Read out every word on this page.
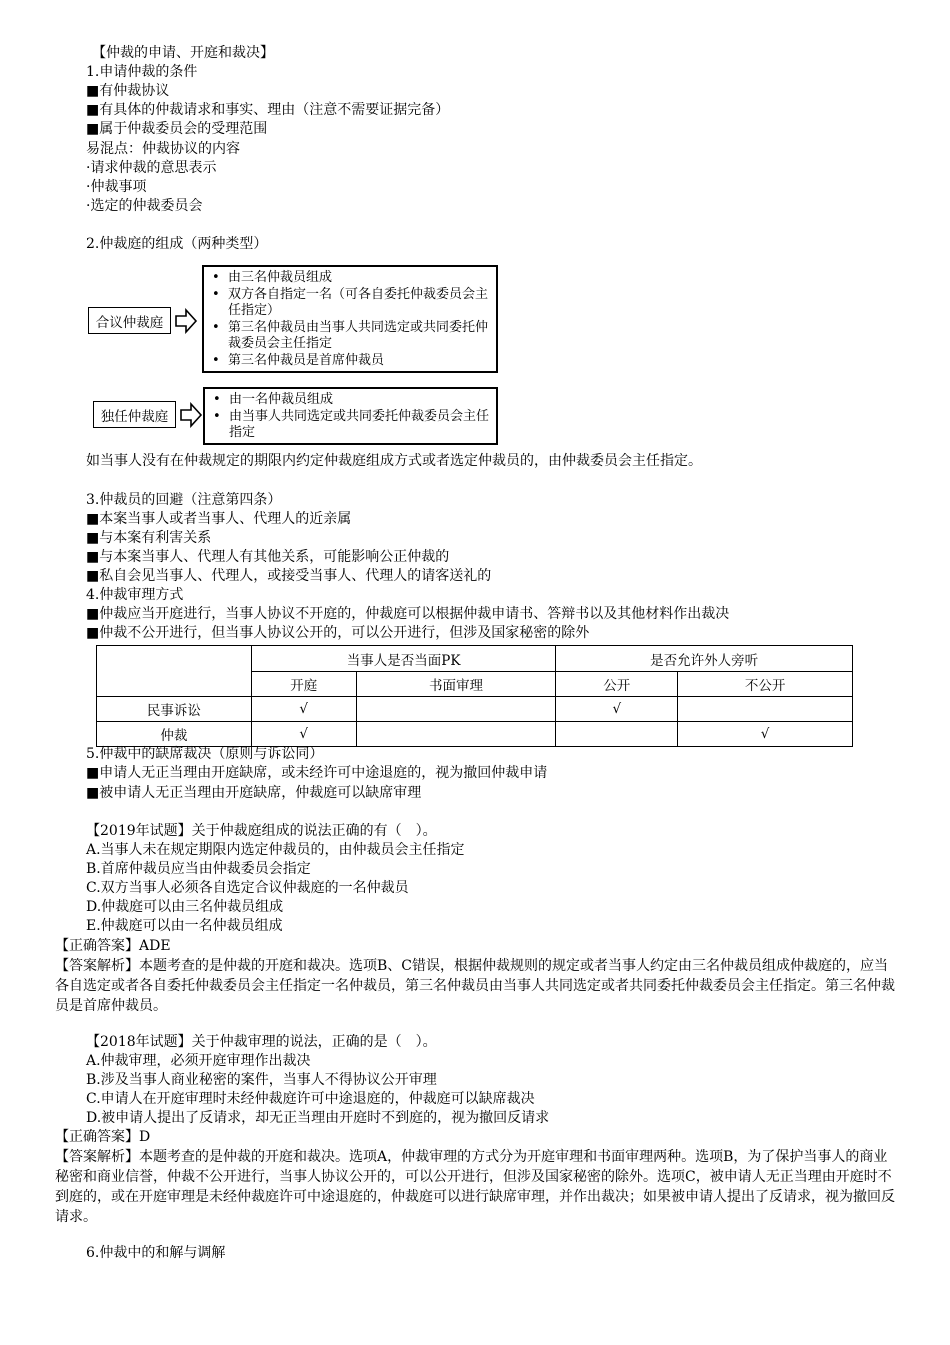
【仲裁的申请、开庭和裁决】
1.申请仲裁的条件
■有仲裁协议
■有具体的仲裁请求和事实、理由（注意不需要证据完备）
■属于仲裁委员会的受理范围
易混点：仲裁协议的内容
·请求仲裁的意思表示
·仲裁事项
·选定的仲裁委员会
2.仲裁庭的组成（两种类型）
合议仲裁庭
• 由三名仲裁员组成
• 双方各自指定一名（可各自委托仲裁委员会主任指定）
• 第三名仲裁员由当事人共同选定或共同委托仲裁委员会主任指定
• 第三名仲裁员是首席仲裁员
独任仲裁庭
• 由一名仲裁员组成
• 由当事人共同选定或共同委托仲裁委员会主任指定
如当事人没有在仲裁规定的期限内约定仲裁庭组成方式或者选定仲裁员的，由仲裁委员会主任指定。
3.仲裁员的回避（注意第四条）
■本案当事人或者当事人、代理人的近亲属
■与本案有利害关系
■与本案当事人、代理人有其他关系，可能影响公正仲裁的
■私自会见当事人、代理人，或接受当事人、代理人的请客送礼的
4.仲裁审理方式
■仲裁应当开庭进行，当事人协议不开庭的，仲裁庭可以根据仲裁申请书、答辩书以及其他材料作出裁决
■仲裁不公开进行，但当事人协议公开的，可以公开进行，但涉及国家秘密的除外
	当事人是否当面PK		是否允许外人旁听	
	开庭	书面审理	公开	不公开
民事诉讼	√		√	
仲裁	√			√
5.仲裁中的缺席裁决（原则与诉讼同）
■申请人无正当理由开庭缺席，或未经许可中途退庭的，视为撤回仲裁申请
■被申请人无正当理由开庭缺席，仲裁庭可以缺席审理
【2019年试题】关于仲裁庭组成的说法正确的有（　）。
A.当事人未在规定期限内选定仲裁员的，由仲裁员会主任指定
B.首席仲裁员应当由仲裁委员会指定
C.双方当事人必须各自选定合议仲裁庭的一名仲裁员
D.仲裁庭可以由三名仲裁员组成
E.仲裁庭可以由一名仲裁员组成
【正确答案】ADE
【答案解析】本题考查的是仲裁的开庭和裁决。选项B、C错误，根据仲裁规则的规定或者当事人约定由三名仲裁员组成仲裁庭的，应当各自选定或者各自委托仲裁委员会主任指定一名仲裁员，第三名仲裁员由当事人共同选定或者共同委托仲裁委员会主任指定。第三名仲裁员是首席仲裁员。
【2018年试题】关于仲裁审理的说法，正确的是（　）。
A.仲裁审理，必须开庭审理作出裁决
B.涉及当事人商业秘密的案件，当事人不得协议公开审理
C.申请人在开庭审理时未经仲裁庭许可中途退庭的，仲裁庭可以缺席裁决
D.被申请人提出了反请求，却无正当理由开庭时不到庭的，视为撤回反请求
【正确答案】D
【答案解析】本题考查的是仲裁的开庭和裁决。选项A，仲裁审理的方式分为开庭审理和书面审理两种。选项B，为了保护当事人的商业秘密和商业信誉，仲裁不公开进行，当事人协议公开的，可以公开进行，但涉及国家秘密的除外。选项C，被申请人无正当理由开庭时不到庭的，或在开庭审理是未经仲裁庭许可中途退庭的，仲裁庭可以进行缺席审理，并作出裁决；如果被申请人提出了反请求，视为撤回反请求。
6.仲裁中的和解与调解
